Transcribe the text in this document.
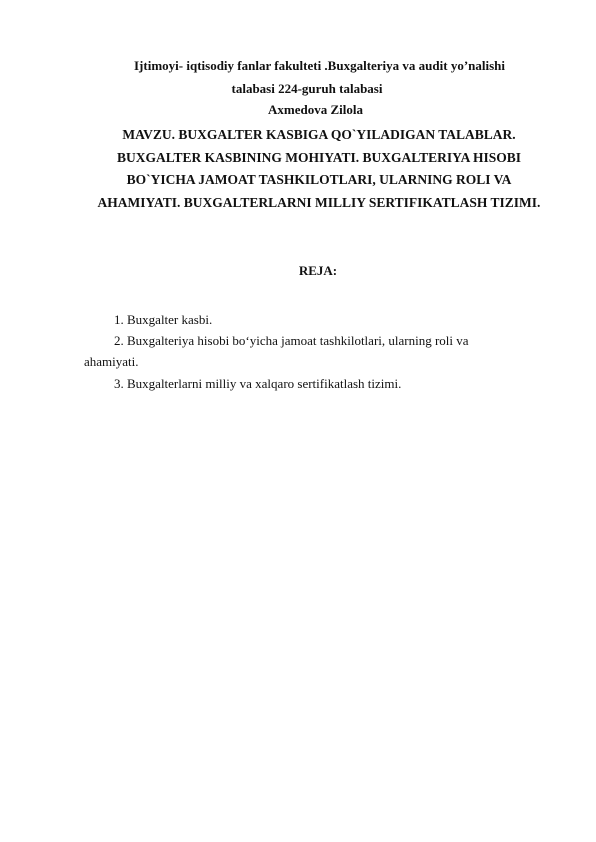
Ijtimoyi- iqtisodiy fanlar fakulteti .Buxgalteriya va audit yo’nalishi
talabasi 224-guruh talabasi
Axmedova Zilola
MAVZU. BUXGALTER KASBIGA QO`YILADIGAN TALABLAR.
BUXGALTER KASBINING MOHIYATI. BUXGALTERIYA HISOBI
BO`YICHA JAMOAT TASHKILOTLARI, ULARNING ROLI VA
AHAMIYATI. BUXGALTERLARNI MILLIY SERTIFIKATLASH TIZIMI.
REJA:
1. Buxgalter kasbi.
2. Buxgalteriya hisobi bo‘yicha jamoat tashkilotlari, ularning roli va
ahamiyati.
3. Buxgalterlarni milliy va xalqaro sertifikatlash tizimi.
